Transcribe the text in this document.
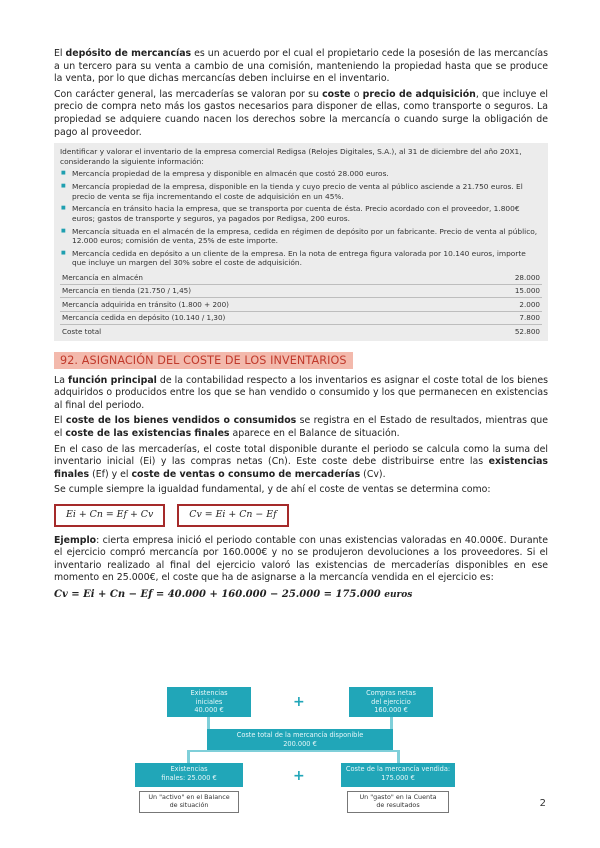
El depósito de mercancías es un acuerdo por el cual el propietario cede la posesión de las mercancías a un tercero para su venta a cambio de una comisión, manteniendo la propiedad hasta que se produce la venta, por lo que dichas mercancías deben incluirse en el inventario.

Con carácter general, las mercaderías se valoran por su coste o precio de adquisición, que incluye el precio de compra neto más los gastos necesarios para disponer de ellas, como transporte o seguros. La propiedad se adquiere cuando nacen los derechos sobre la mercancía o cuando surge la obligación de pago al proveedor.

Identificar y valorar el inventario de la empresa comercial Redigsa (Relojes Digitales, S.A.), al 31 de diciembre del año 20X1, considerando la siguiente información:
■ Mercancía propiedad de la empresa y disponible en almacén que costó 28.000 euros.
■ Mercancía propiedad de la empresa, disponible en la tienda y cuyo precio de venta al público asciende a 21.750 euros. El precio de venta se fija incrementando el coste de adquisición en un 45%.
■ Mercancía en tránsito hacia la empresa, que se transporta por cuenta de ésta. Precio acordado con el proveedor, 1.800€ euros; gastos de transporte y seguros, ya pagados por Redigsa, 200 euros.
■ Mercancía situada en el almacén de la empresa, cedida en régimen de depósito por un fabricante. Precio de venta al público, 12.000 euros; comisión de venta, 25% de este importe.
■ Mercancía cedida en depósito a un cliente de la empresa. En la nota de entrega figura valorada por 10.140 euros, importe que incluye un margen del 30% sobre el coste de adquisición.
Mercancía en almacén	28.000
Mercancía en tienda (21.750 / 1,45)	15.000
Mercancía adquirida en tránsito (1.800 + 200)	2.000
Mercancía cedida en depósito (10.140 / 1,30)	7.800
Coste total	52.800
92. ASIGNACIÓN DEL COSTE DE LOS INVENTARIOS

La función principal de la contabilidad respecto a los inventarios es asignar el coste total de los bienes adquiridos o producidos entre los que se han vendido o consumido y los que permanecen en existencias al final del periodo.

El coste de los bienes vendidos o consumidos se registra en el Estado de resultados, mientras que el coste de las existencias finales aparece en el Balance de situación.

En el caso de las mercaderías, el coste total disponible durante el periodo se calcula como la suma del inventario inicial (Ei) y las compras netas (Cn). Este coste debe distribuirse entre las existencias finales (Ef) y el coste de ventas o consumo de mercaderías (Cv).

Se cumple siempre la igualdad fundamental, y de ahí el coste de ventas se determina como:

Ei + Cn = Ef + Cv	Cv = Ei + Cn − Ef

Ejemplo: cierta empresa inició el periodo contable con unas existencias valoradas en 40.000€. Durante el ejercicio compró mercancía por 160.000€ y no se produjeron devoluciones a los proveedores. Si el inventario realizado al final del ejercicio valoró las existencias de mercaderías disponibles en ese momento en 25.000€, el coste que ha de asignarse a la mercancía vendida en el ejercicio es:

Cv = Ei + Cn − Ef = 40.000 + 160.000 − 25.000 = 175.000 euros
Existencias
iniciales
40.000 €
+
Compras netas
del ejercicio
160.000 €
Coste total de la mercancía disponible
200.000 €
Existencias
finales: 25.000 €	+	Coste de la mercancía vendida:
175.000 €
Un "activo" en el Balance
de situación
Un "gasto" en la Cuenta
de resultados	2
